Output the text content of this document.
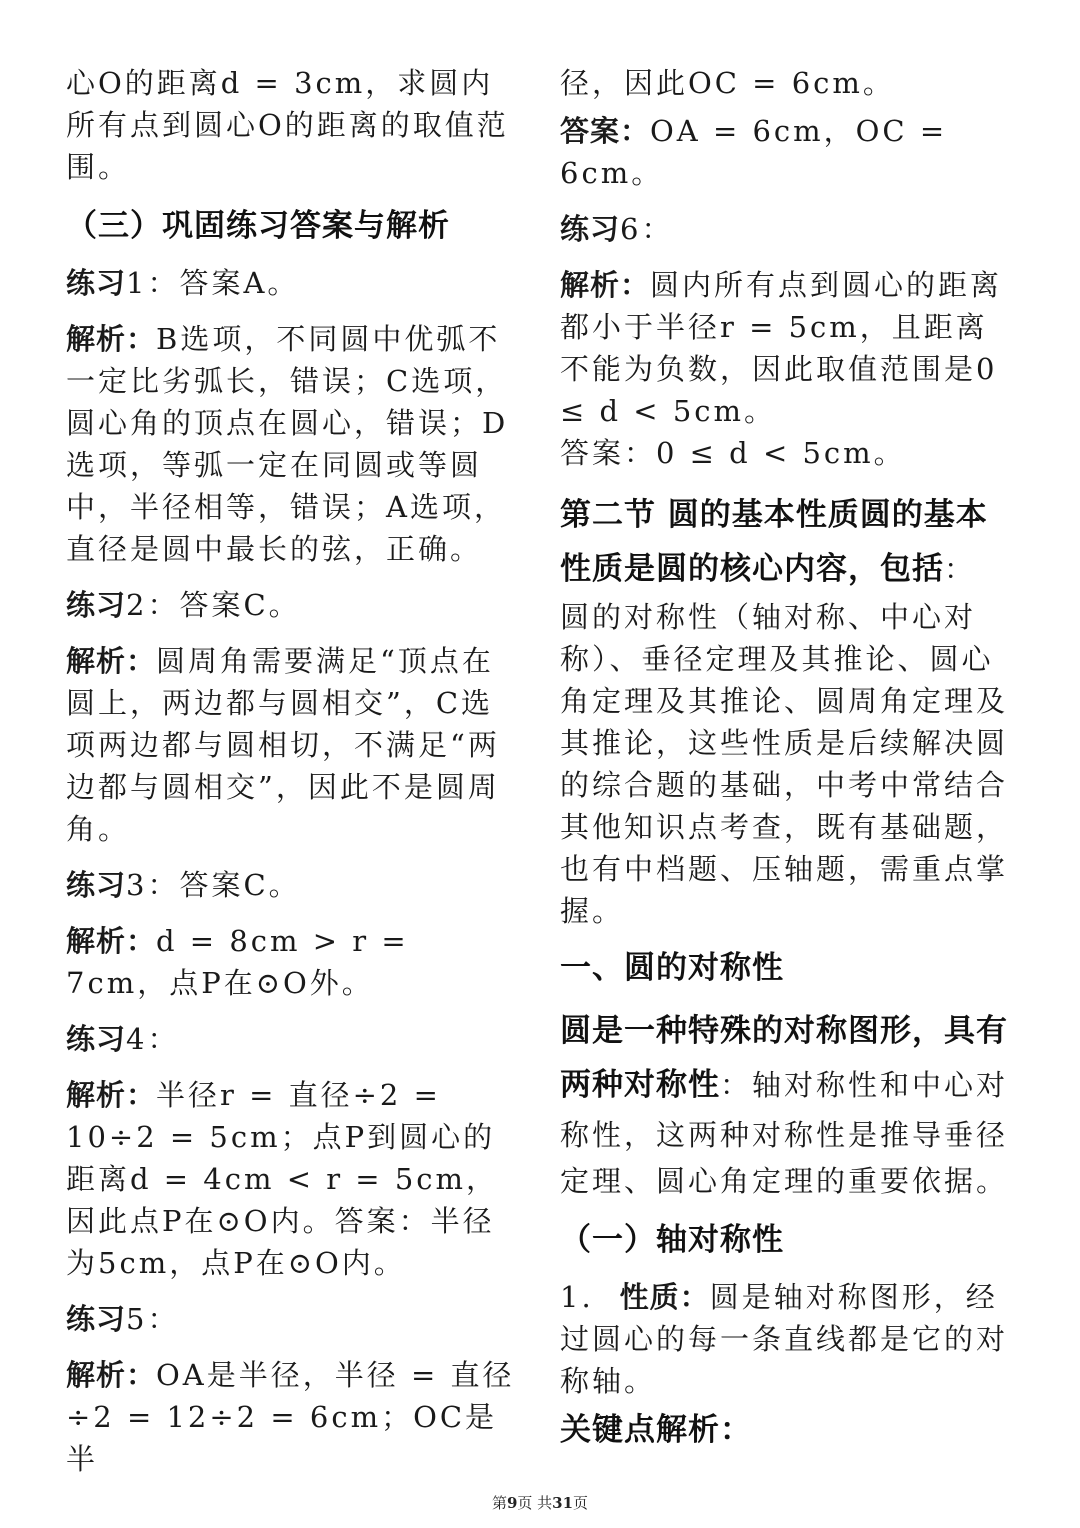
心O的距离d = 3cm，求圆内所有点到圆心O的距离的取值范围。

（三）巩固练习答案与解析

练习1：答案A。

解析：B选项，不同圆中优弧不一定比劣弧长，错误；C选项，圆心角的顶点在圆心，错误；D选项，等弧一定在同圆或等圆中，半径相等，错误；A选项，直径是圆中最长的弦，正确。

练习2：答案C。

解析：圆周角需要满足“顶点在圆上，两边都与圆相交”，C选项两边都与圆相切，不满足“两边都与圆相交”，因此不是圆周角。

练习3：答案C。

解析：d = 8cm > r = 7cm，点P在⊙O外。

练习4：

解析：半径r = 直径÷2 = 10÷2 = 5cm；点P到圆心的距离d = 4cm < r = 5cm，因此点P在⊙O内。答案：半径为5cm，点P在⊙O内。

练习5：

解析：OA是半径，半径 = 直径÷2 = 12÷2 = 6cm；OC是半

径，因此OC = 6cm。

答案：OA = 6cm，OC = 6cm。

练习6：

解析：圆内所有点到圆心的距离都小于半径r = 5cm，且距离不能为负数，因此取值范围是0 ≤ d < 5cm。

答案：0 ≤ d < 5cm。

第二节 圆的基本性质圆的基本性质是圆的核心内容，包括：

圆的对称性（轴对称、中心对称）、垂径定理及其推论、圆心角定理及其推论、圆周角定理及其推论，这些性质是后续解决圆的综合题的基础，中考中常结合其他知识点考查，既有基础题，也有中档题、压轴题，需重点掌握。

一、圆的对称性

圆是一种特殊的对称图形，具有两种对称性：轴对称性和中心对称性，这两种对称性是推导垂径定理、圆心角定理的重要依据。

（一）轴对称性

1. 性质：圆是轴对称图形，经过圆心的每一条直线都是它的对称轴。

关键点解析：

第9页 共31页
